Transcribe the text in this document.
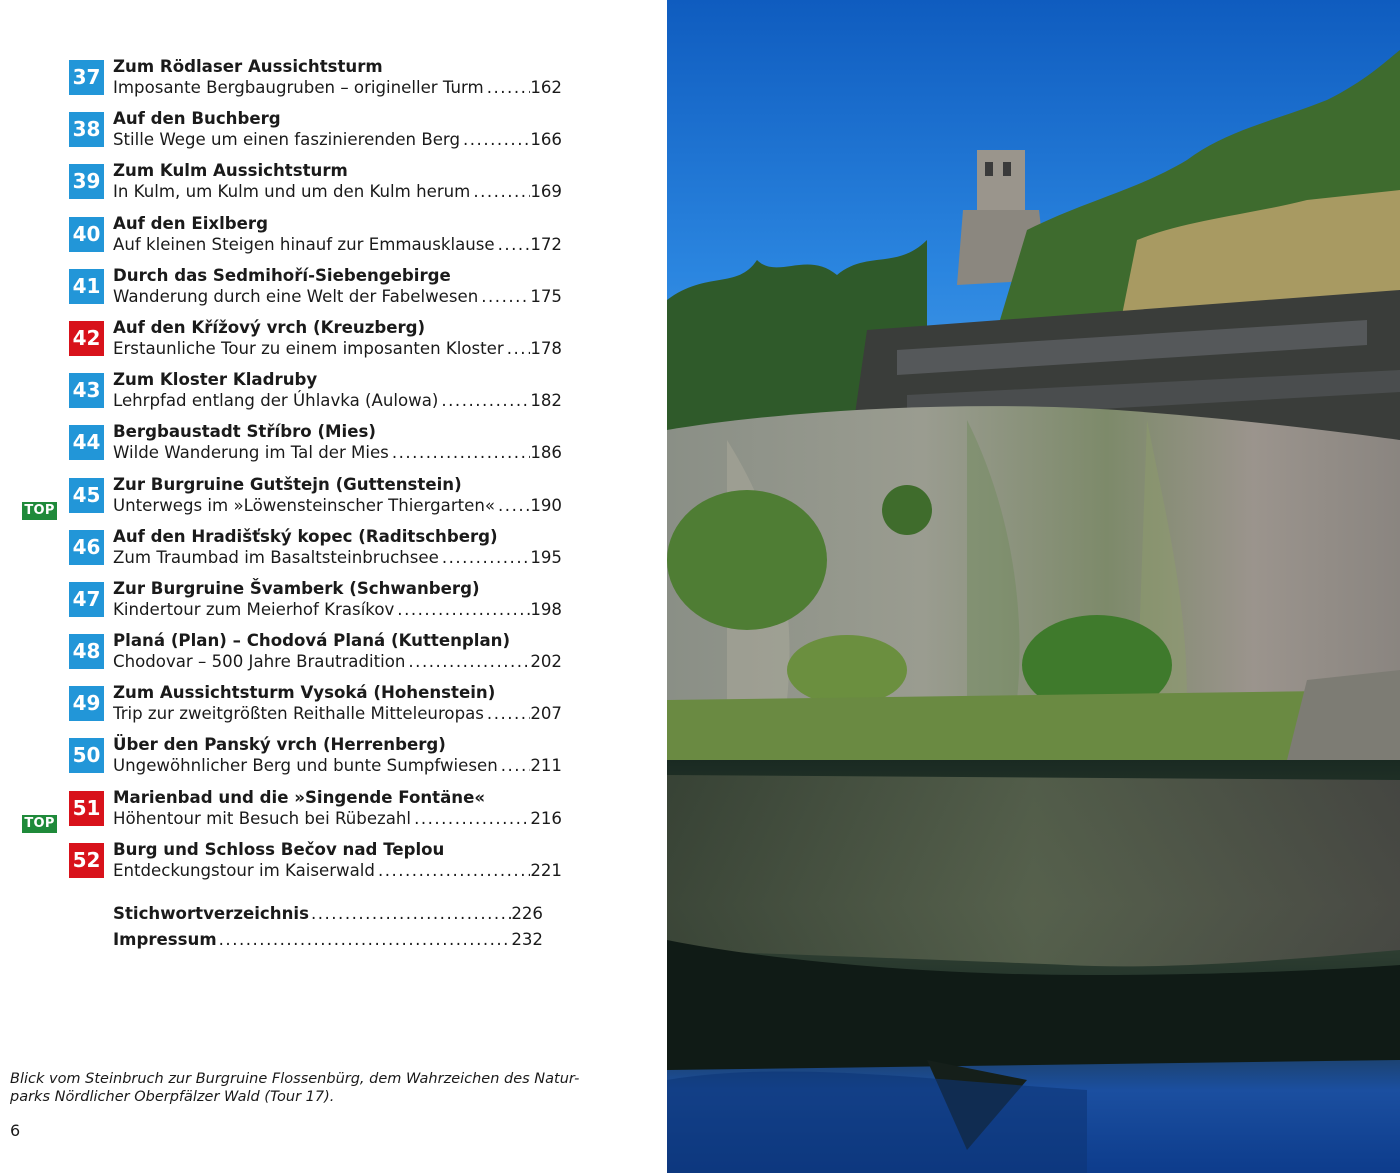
37 Zum Rödlaser Aussichtsturm
Imposante Bergbaugruben – origineller Turm .....	162
38 Auf den Buchberg
Stille Wege um einen faszinierenden Berg .....	166
39 Zum Kulm Aussichtsturm
In Kulm, um Kulm und um den Kulm herum .....	169
40 Auf den Eixlberg
Auf kleinen Steigen hinauf zur Emmausklause ..... 172
41 Durch das Sedmihoří-Siebengebirge
Wanderung durch eine Welt der Fabelwesen .....	175
42 Auf den Křížový vrch (Kreuzberg)
Erstaunliche Tour zu einem imposanten Kloster ..... 178
43 Zum Kloster Kladruby
Lehrpfad entlang der Úhlavka (Aulowa) .....	182
44 Bergbaustadt Stříbro (Mies)
Wilde Wanderung im Tal der Mies .....	186
TOP
45 Zur Burgruine Gutštejn (Guttenstein)
Unterwegs im »Löwensteinscher Thiergarten« ..... 190
46 Auf den Hradišťský kopec (Raditschberg)
Zum Traumbad im Basaltsteinbruchsee .....	195
47 Zur Burgruine Švamberk (Schwanberg)
Kindertour zum Meierhof Krasíkov .....	198
48 Planá (Plan) – Chodová Planá (Kuttenplan)
Chodovar – 500 Jahre Brautradition .....	202
49 Zum Aussichtsturm Vysoká (Hohenstein)
Trip zur zweitgrößten Reithalle Mitteleuropas .....	207
50 Über den Panský vrch (Herrenberg)
Ungewöhnlicher Berg und bunte Sumpfwiesen ..... 211
TOP
51 Marienbad und die »Singende Fontäne«
Höhentour mit Besuch bei Rübezahl .....	216
52 Burg und Schloss Bečov nad Teplou
Entdeckungstour im Kaiserwald .....	221
Stichwortverzeichnis .....	226
Impressum .....	232
Blick vom Steinbruch zur Burgruine Flossenbürg, dem Wahrzeichen des Natur-parks Nördlicher Oberpfälzer Wald (Tour 17).
6
